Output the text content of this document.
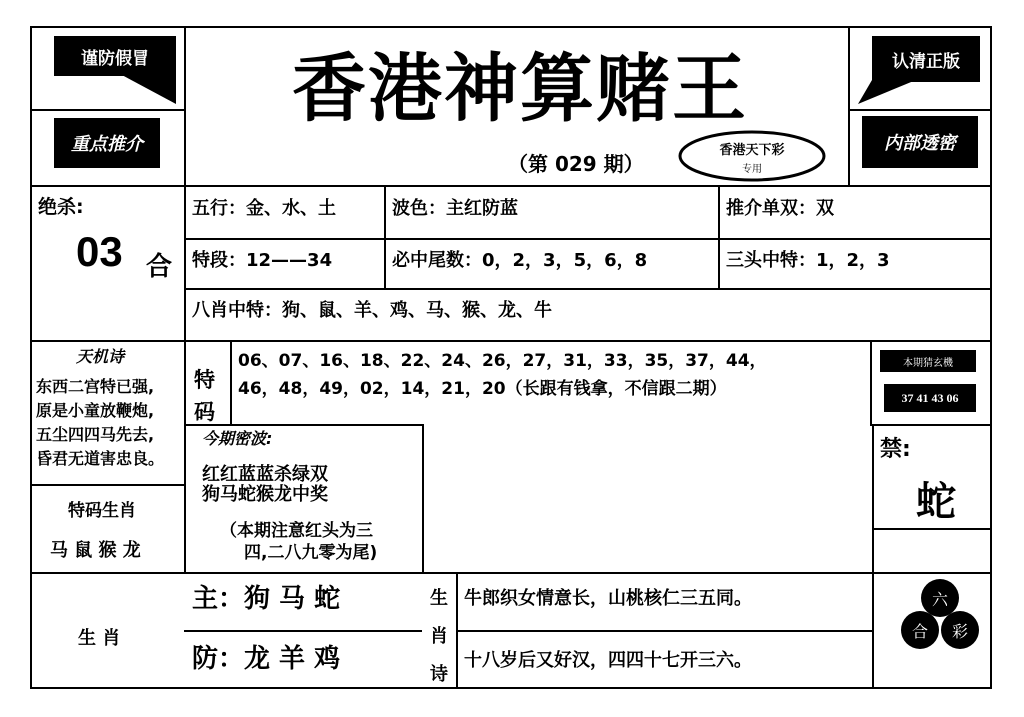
谨防假冒
重点推介
香港神算赌王
（第 029 期）
香港天下彩
专用
认清正版
内部透密
绝杀:
03 合
五行：金、水、土	波色：主红防蓝	推介单双：双
特段：12——34	必中尾数：0，2，3，5，6，8	三头中特：1，2，3
八肖中特：狗、鼠、羊、鸡、马、猴、龙、牛
天机诗
东西二宫特已强,
原是小童放鞭炮,
五尘四四马先去,
昏君无道害忠良。
特
码
06、07、16、18、22、24、26，27，31，33，35，37，44，
46，48，49，02，14，21，20（长跟有钱拿，不信跟二期）
本期猜玄機
37 41 43 06
今期密波:
红红蓝蓝杀绿双
狗马蛇猴龙中奖
（本期注意红头为三
四,二八九零为尾)
禁:
蛇
特码生肖
马 鼠 猴 龙
生 肖
主：狗 马 蛇
防：龙 羊 鸡
生
肖
诗
牛郎织女情意长，山桃核仁三五同。
十八岁后又好汉，四四十七开三六。
六
合 彩
